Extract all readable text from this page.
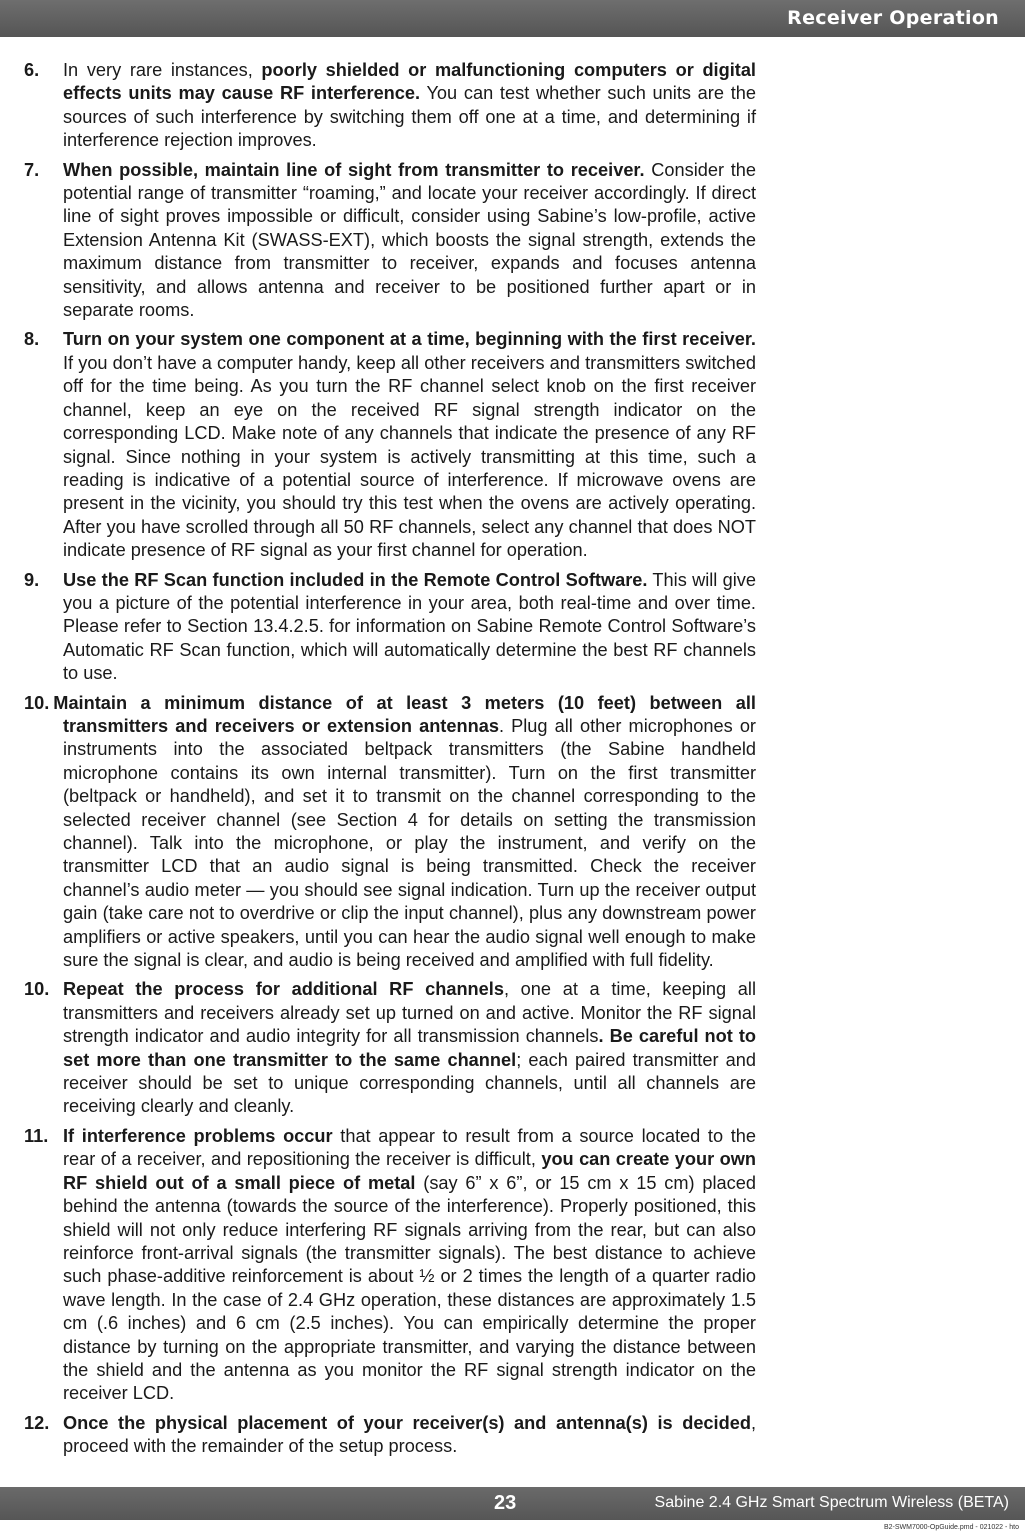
Receiver Operation
6.	In very rare instances, poorly shielded or malfunctioning computers or digital effects units may cause RF interference. You can test whether such units are the sources of such interference by switching them off one at a time, and determining if interference rejection improves.
7.	When possible, maintain line of sight from transmitter to receiver. Consider the potential range of transmitter “roaming,” and locate your receiver accordingly. If direct line of sight proves impossible or difficult, consider using Sabine’s low-profile, active Extension Antenna Kit (SWASS-EXT), which boosts the signal strength, extends the maximum distance from transmitter to receiver, expands and focuses antenna sensitivity, and allows antenna and receiver to be positioned further apart or in separate rooms.
8.	Turn on your system one component at a time, beginning with the first receiver. If you don’t have a computer handy, keep all other receivers and transmitters switched off for the time being. As you turn the RF channel select knob on the first receiver channel, keep an eye on the received RF signal strength indicator on the corresponding LCD. Make note of any channels that indicate the presence of any RF signal. Since nothing in your system is actively transmitting at this time, such a reading is indicative of a potential source of interference. If microwave ovens are present in the vicinity, you should try this test when the ovens are actively operating. After you have scrolled through all 50 RF channels, select any channel that does NOT indicate presence of RF signal as your first channel for operation.
9.	Use the RF Scan function included in the Remote Control Software. This will give you a picture of the potential interference in your area, both real-time and over time. Please refer to Section 13.4.2.5. for information on Sabine Remote Control Software’s Automatic RF Scan function, which will automatically determine the best RF channels to use.
10. Maintain a minimum distance of at least 3 meters (10 feet) between all transmitters and receivers or extension antennas. Plug all other microphones or instruments into the associated beltpack transmitters (the Sabine handheld microphone contains its own internal transmitter). Turn on the first transmitter (beltpack or handheld), and set it to transmit on the channel corresponding to the selected receiver channel (see Section 4 for details on setting the transmission channel). Talk into the microphone, or play the instrument, and verify on the transmitter LCD that an audio signal is being transmitted. Check the receiver channel’s audio meter — you should see signal indication. Turn up the receiver output gain (take care not to overdrive or clip the input channel), plus any downstream power amplifiers or active speakers, until you can hear the audio signal well enough to make sure the signal is clear, and audio is being received and amplified with full fidelity.
10. Repeat the process for additional RF channels, one at a time, keeping all transmitters and receivers already set up turned on and active. Monitor the RF signal strength indicator and audio integrity for all transmission channels. Be careful not to set more than one transmitter to the same channel; each paired transmitter and receiver should be set to unique corresponding channels, until all channels are receiving clearly and cleanly.
11. If interference problems occur that appear to result from a source located to the rear of a receiver, and repositioning the receiver is difficult, you can create your own RF shield out of a small piece of metal (say 6” x 6”, or 15 cm x 15 cm) placed behind the antenna (towards the source of the interference). Properly positioned, this shield will not only reduce interfering RF signals arriving from the rear, but can also reinforce front-arrival signals (the transmitter signals). The best distance to achieve such phase-additive reinforcement is about ½ or 2 times the length of a quarter radio wave length. In the case of 2.4 GHz operation, these distances are approximately 1.5 cm (.6 inches) and 6 cm (2.5 inches). You can empirically determine the proper distance by turning on the appropriate transmitter, and varying the distance between the shield and the antenna as you monitor the RF signal strength indicator on the receiver LCD.
12. Once the physical placement of your receiver(s) and antenna(s) is decided, proceed with the remainder of the setup process.
23	Sabine 2.4 GHz Smart Spectrum Wireless (BETA)
B2-SWM7000-OpGuide.pmd - 021022 - hto
